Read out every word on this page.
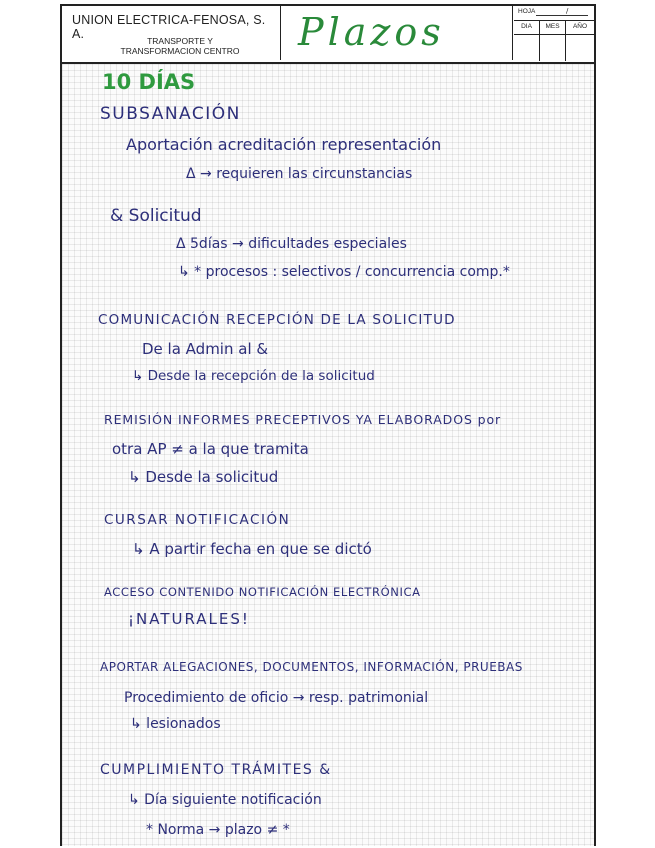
UNION ELECTRICA-FENOSA, S. A.	TRANSPORTE Y
TRANSFORMACION CENTRO	Plazos	HOJA	/
DIA	MES	AÑO
10 DÍAS
SUBSANACIÓN
Aportación acreditación representación
Δ → requieren las circunstancias
& Solicitud
Δ 5días → dificultades especiales
↳ * procesos : selectivos / concurrencia comp.*
COMUNICACIÓN RECEPCIÓN DE LA SOLICITUD
De la Admin al &
↳ Desde la recepción de la solicitud
REMISIÓN INFORMES PRECEPTIVOS YA ELABORADOS por
otra AP ≠ a la que tramita
↳ Desde la solicitud
CURSAR NOTIFICACIÓN
↳ A partir fecha en que se dictó
ACCESO CONTENIDO NOTIFICACIÓN ELECTRÓNICA
¡NATURALES!
APORTAR ALEGACIONES, DOCUMENTOS, INFORMACIÓN, PRUEBAS
Procedimiento de oficio → resp. patrimonial
↳ lesionados
CUMPLIMIENTO TRÁMITES &
↳ Día siguiente notificación
* Norma → plazo ≠ *
